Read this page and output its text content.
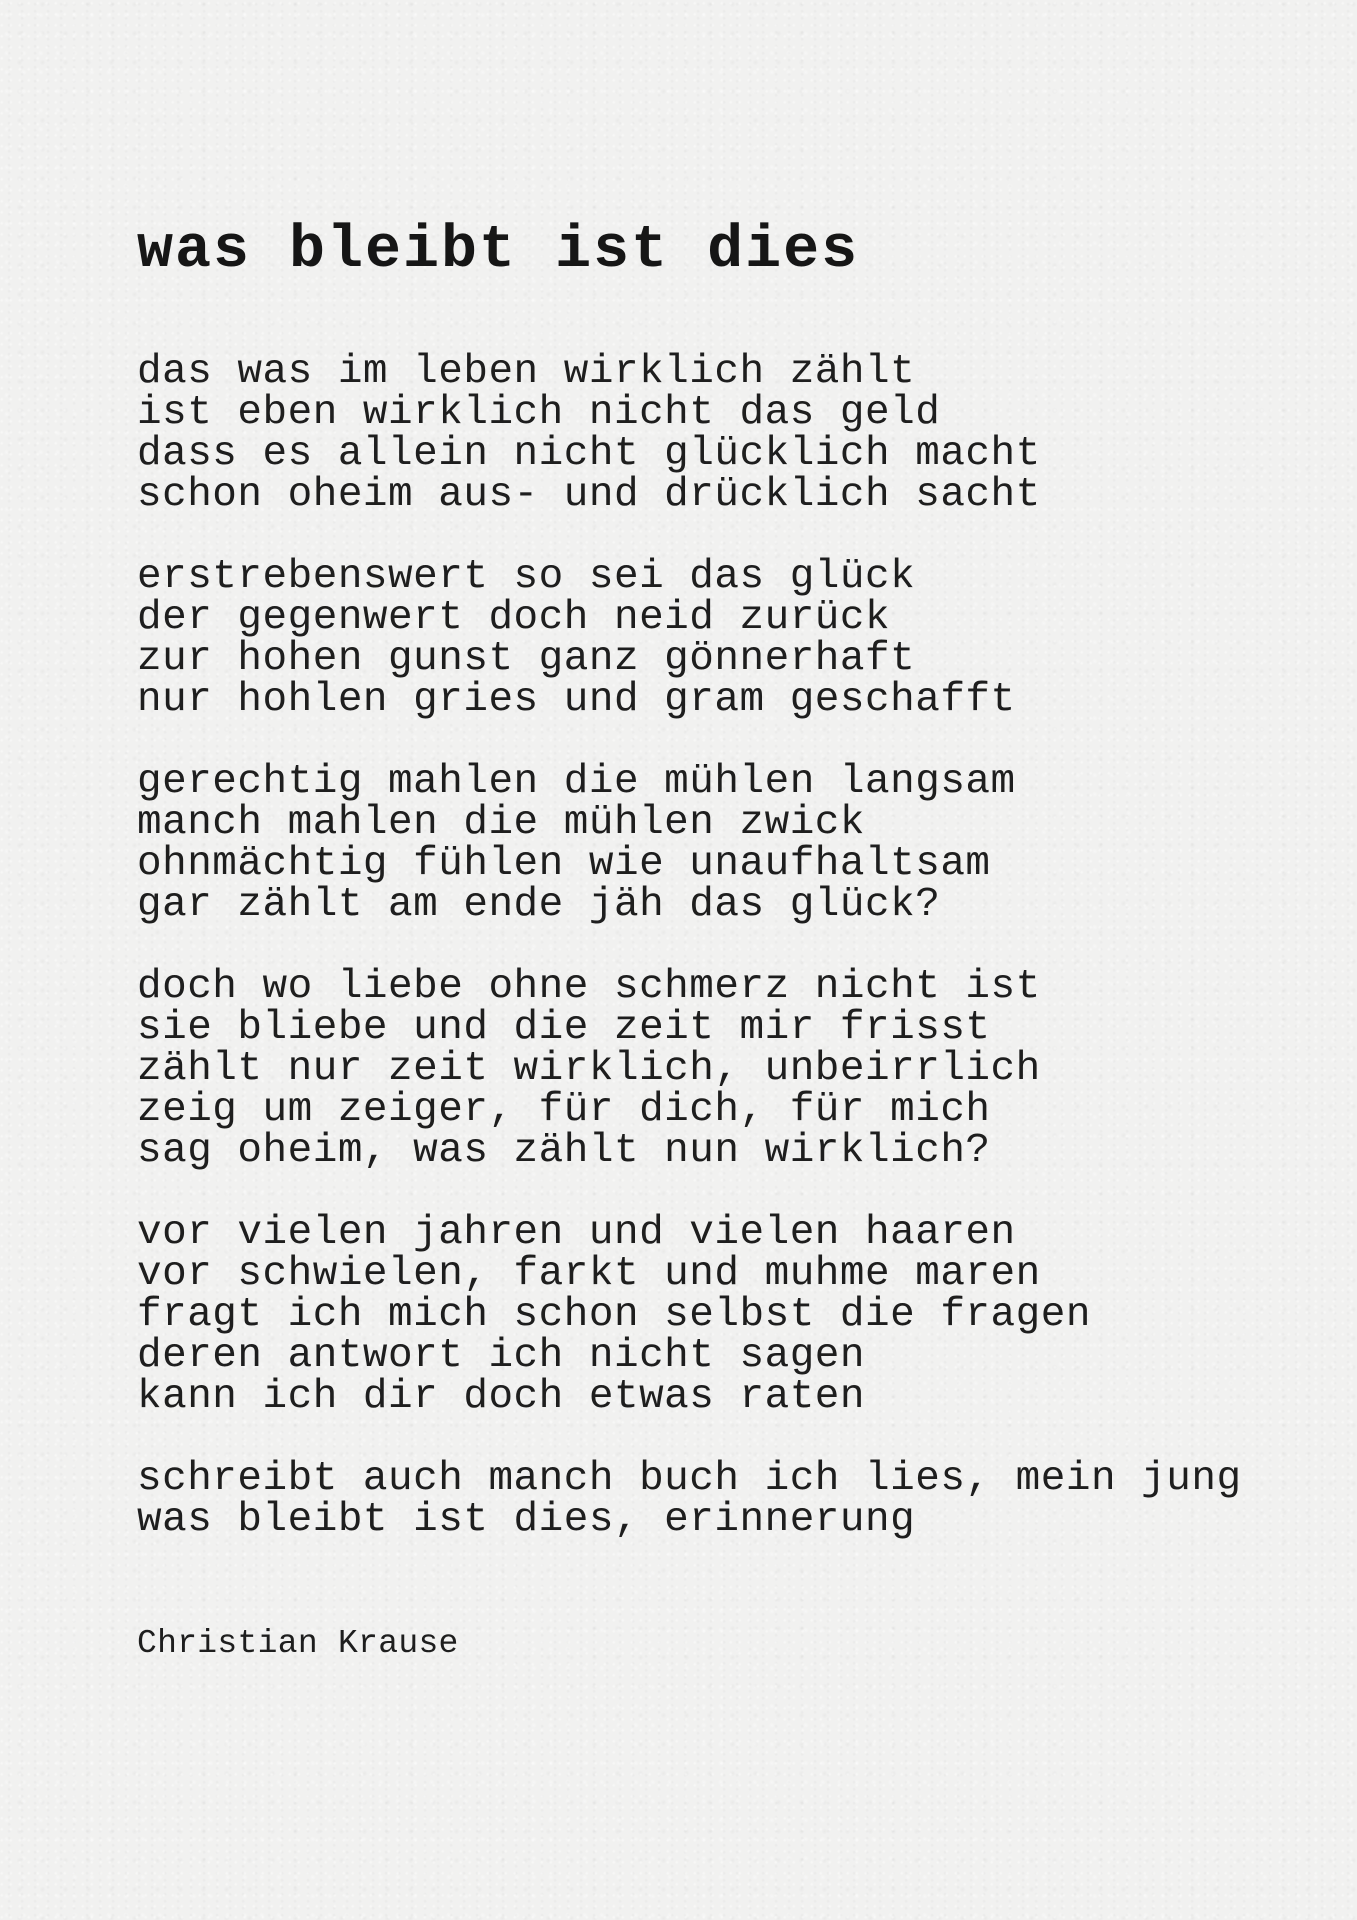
was bleibt ist dies
das was im leben wirklich zählt
ist eben wirklich nicht das geld
dass es allein nicht glücklich macht
schon oheim aus- und drücklich sacht
erstrebenswert so sei das glück
der gegenwert doch neid zurück
zur hohen gunst ganz gönnerhaft
nur hohlen gries und gram geschafft
gerechtig mahlen die mühlen langsam
manch mahlen die mühlen zwick
ohnmächtig fühlen wie unaufhaltsam
gar zählt am ende jäh das glück?
doch wo liebe ohne schmerz nicht ist
sie bliebe und die zeit mir frisst
zählt nur zeit wirklich, unbeirrlich
zeig um zeiger, für dich, für mich
sag oheim, was zählt nun wirklich?
vor vielen jahren und vielen haaren
vor schwielen, farkt und muhme maren
fragt ich mich schon selbst die fragen
deren antwort ich nicht sagen
kann ich dir doch etwas raten
schreibt auch manch buch ich lies, mein jung
was bleibt ist dies, erinnerung

Christian Krause
